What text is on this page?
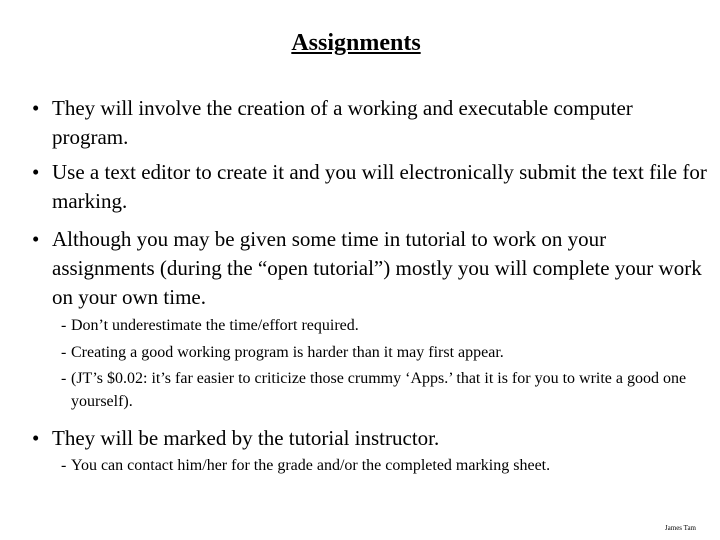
Assignments
• They will involve the creation of a working and executable computer program.
• Use a text editor to create it and you will electronically submit the text file for marking.
• Although you may be given some time in tutorial to work on your assignments (during the “open tutorial”) mostly you will complete your work on your own time.
- Don’t underestimate the time/effort required.
- Creating a good working program is harder than it may first appear.
- (JT’s $0.02: it’s far easier to criticize those crummy ‘Apps.’ that it is for you to write a good one yourself).
• They will be marked by the tutorial instructor.
- You can contact him/her for the grade and/or the completed marking sheet.
James Tam
